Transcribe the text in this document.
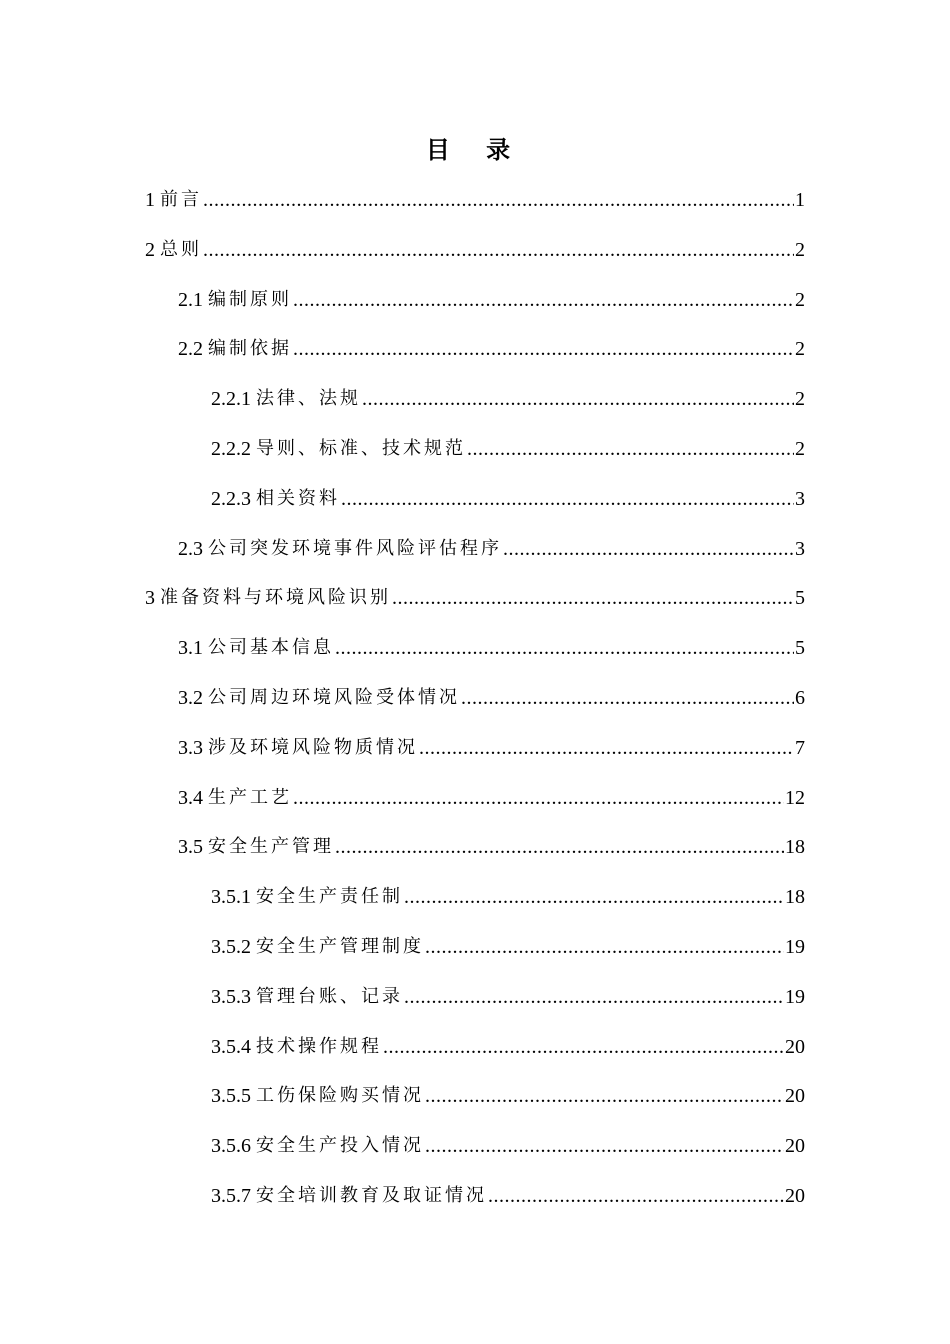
目 录
1 前言 .....	1
2 总则 .....	2
2.1 编制原则 .....	2
2.2 编制依据 .....	2
2.2.1 法律、法规 .....	2
2.2.2 导则、标准、技术规范 .....	2
2.2.3 相关资料 .....	3
2.3 公司突发环境事件风险评估程序 .....	3
3 准备资料与环境风险识别 .....	5
3.1 公司基本信息 .....	5
3.2 公司周边环境风险受体情况 .....	6
3.3 涉及环境风险物质情况 .....	7
3.4 生产工艺 .....	12
3.5 安全生产管理 .....	18
3.5.1 安全生产责任制 .....	18
3.5.2 安全生产管理制度 .....	19
3.5.3 管理台账、记录 .....	19
3.5.4 技术操作规程 .....	20
3.5.5 工伤保险购买情况 .....	20
3.5.6 安全生产投入情况 .....	20
3.5.7 安全培训教育及取证情况 .....	20
